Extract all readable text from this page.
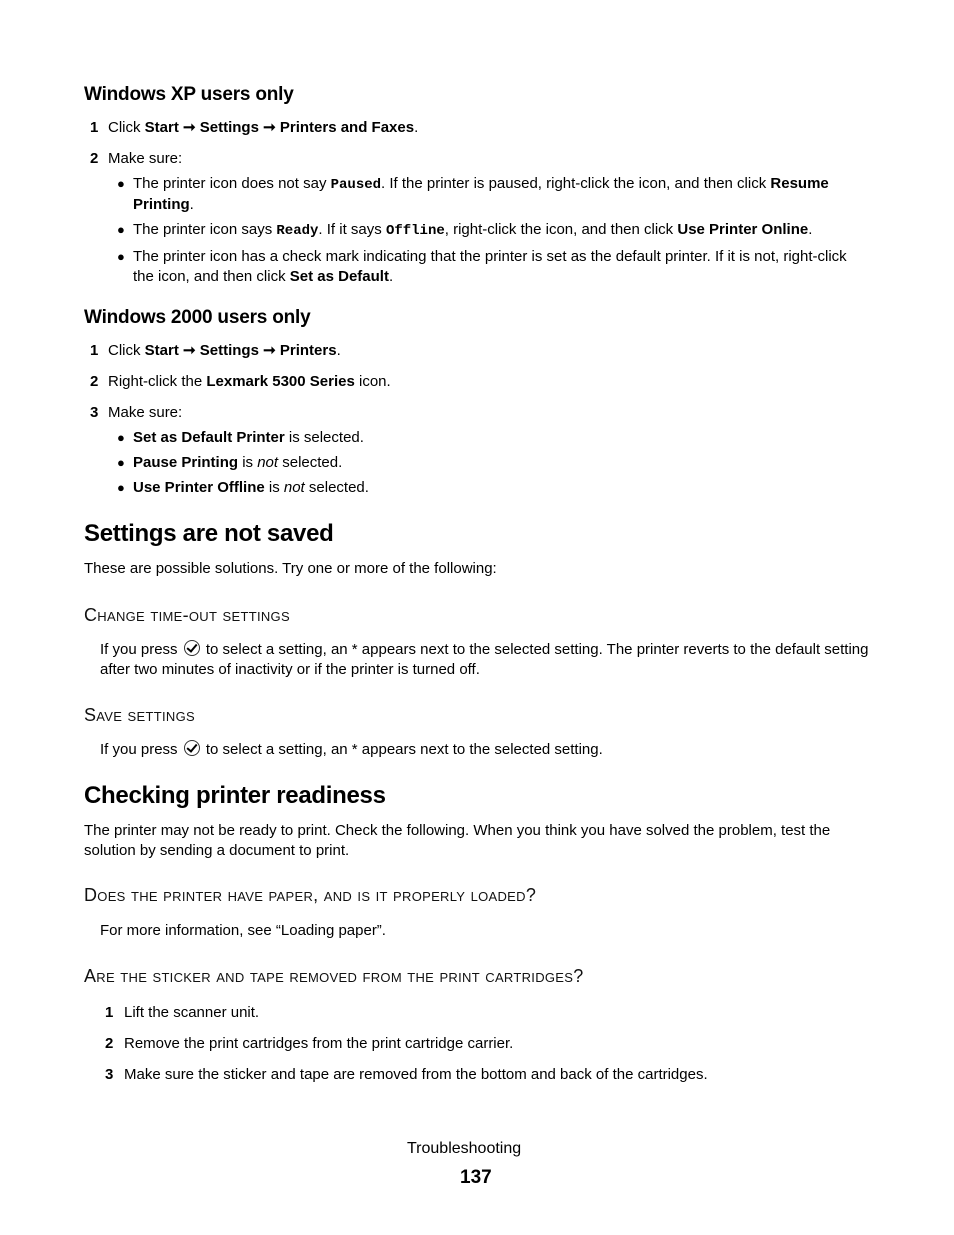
Windows XP users only
1 Click Start ➞ Settings ➞ Printers and Faxes.
2 Make sure:
● The printer icon does not say Paused. If the printer is paused, right-click the icon, and then click Resume
Printing.
● The printer icon says Ready. If it says Offline, right-click the icon, and then click Use Printer Online.
● The printer icon has a check mark indicating that the printer is set as the default printer. If it is not, right-click
the icon, and then click Set as Default.
Windows 2000 users only
1 Click Start ➞ Settings ➞ Printers.
2 Right-click the Lexmark 5300 Series icon.
3 Make sure:
● Set as Default Printer is selected.
● Pause Printing is not selected.
● Use Printer Offline is not selected.
Settings are not saved
These are possible solutions. Try one or more of the following:
Change time-out settings
If you press  to select a setting, an * appears next to the selected setting. The printer reverts to the default setting
after two minutes of inactivity or if the printer is turned off.
Save settings
If you press  to select a setting, an * appears next to the selected setting.
Checking printer readiness
The printer may not be ready to print. Check the following. When you think you have solved the problem, test the
solution by sending a document to print.
Does the printer have paper, and is it properly loaded?
For more information, see “Loading paper”.
Are the sticker and tape removed from the print cartridges?
1 Lift the scanner unit.
2 Remove the print cartridges from the print cartridge carrier.
3 Make sure the sticker and tape are removed from the bottom and back of the cartridges.
Troubleshooting
137
